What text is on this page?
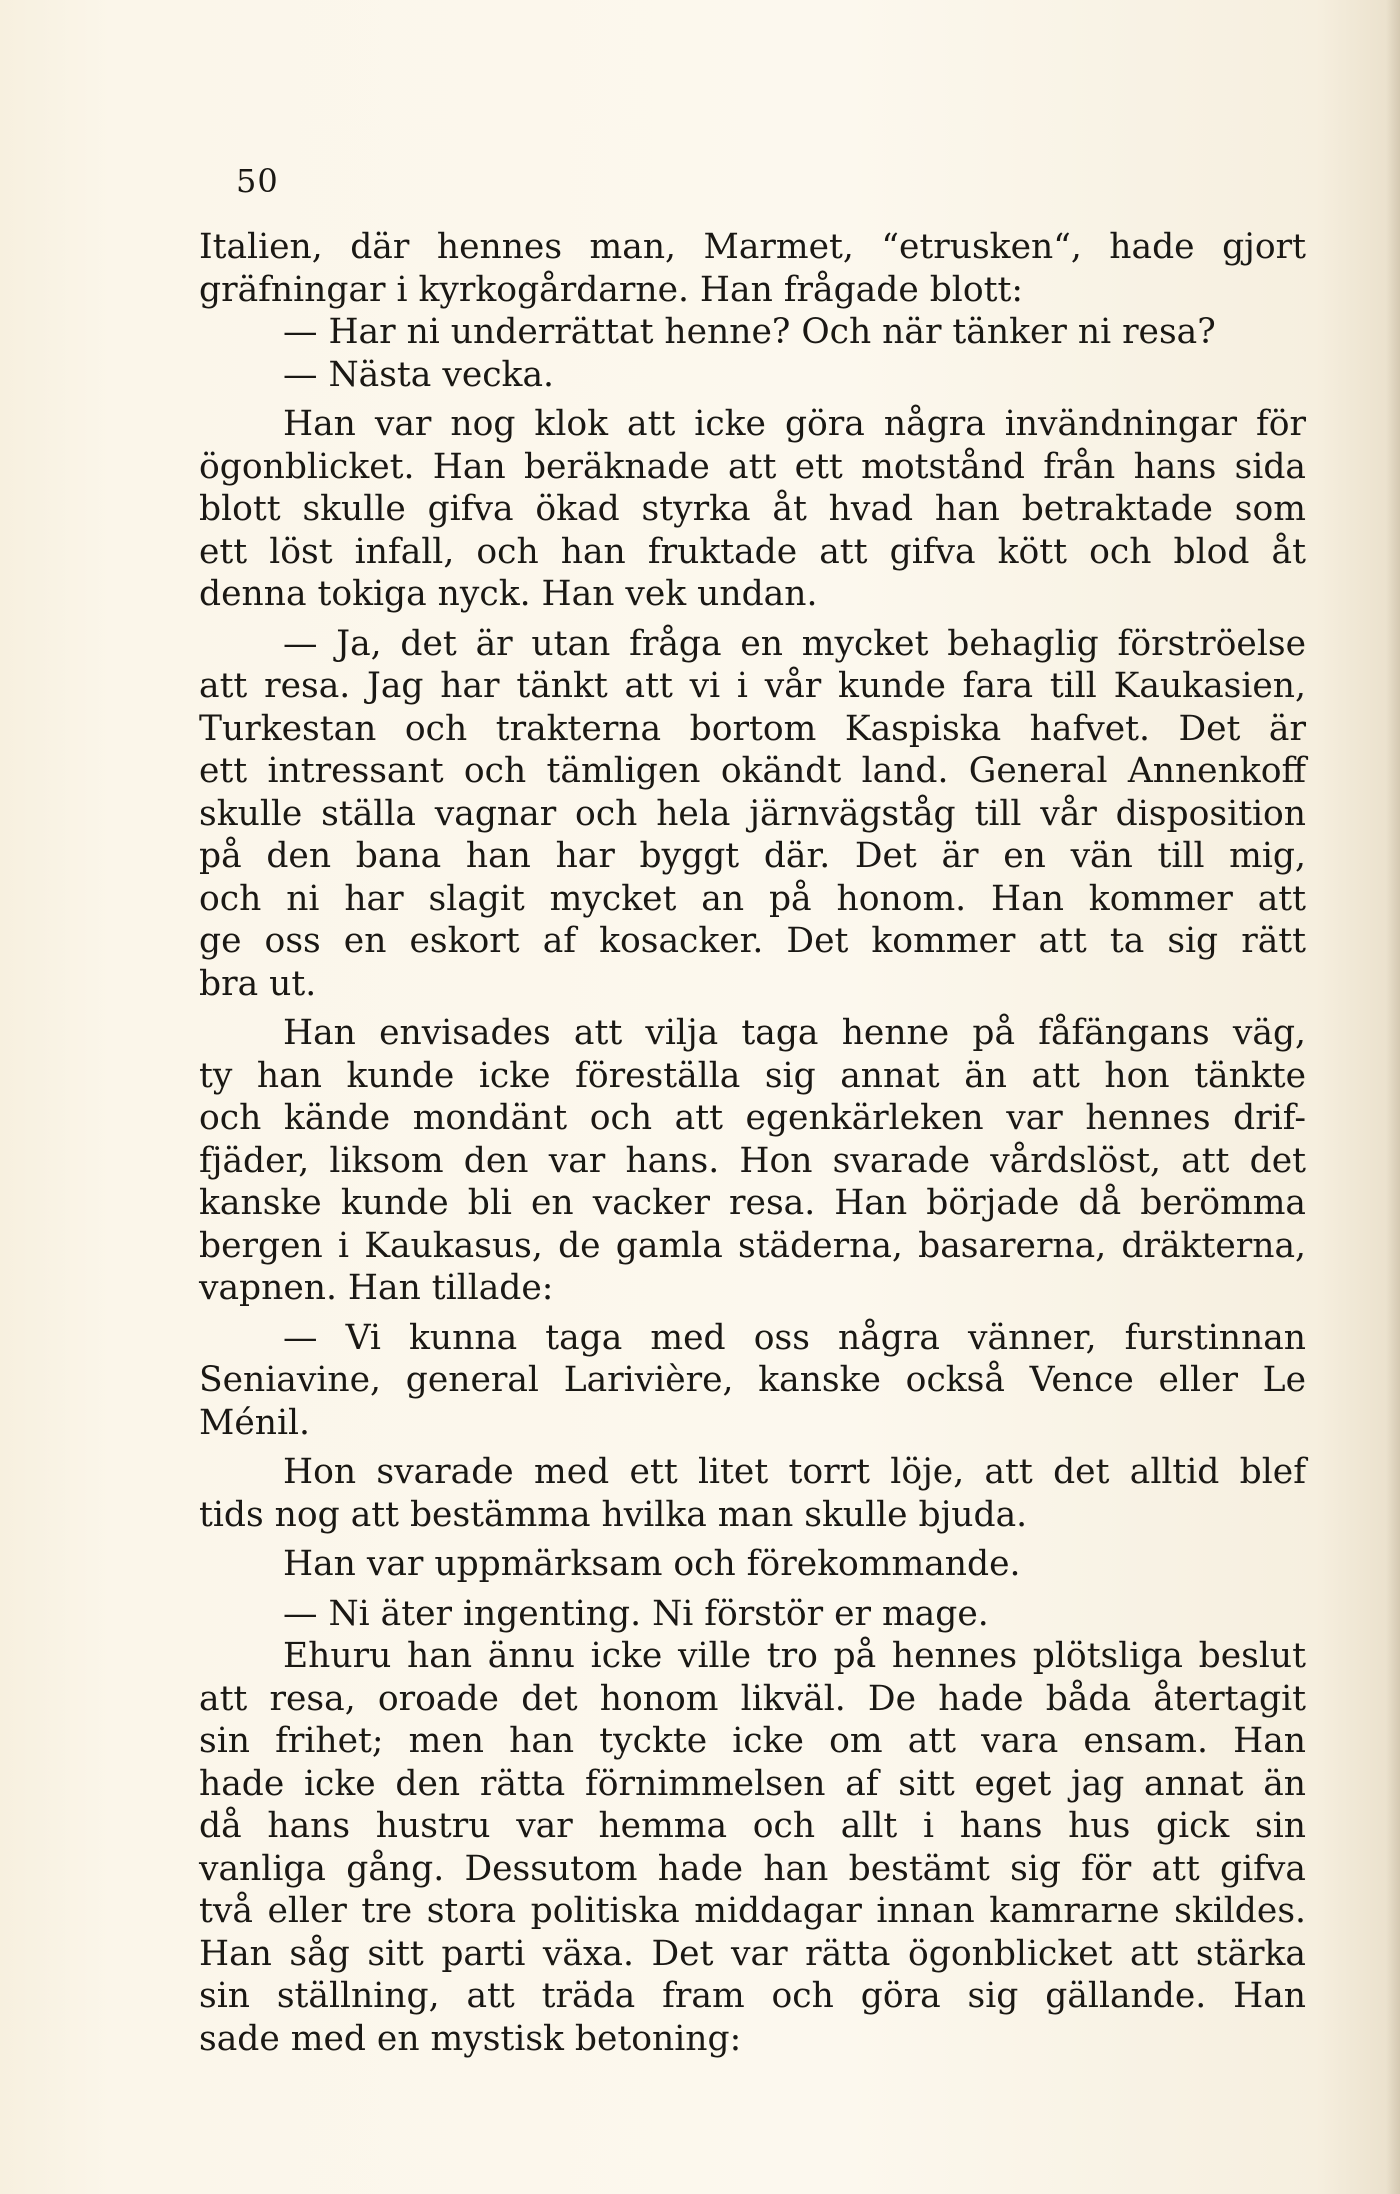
50
Italien, där hennes man, Marmet, “etrusken“, hade gjort
gräfningar i kyrkogårdarne. Han frågade blott:
— Har ni underrättat henne? Och när tänker ni resa?
— Nästa vecka.
Han var nog klok att icke göra några invändningar för
ögonblicket. Han beräknade att ett motstånd från hans sida
blott skulle gifva ökad styrka åt hvad han betraktade som
ett löst infall, och han fruktade att gifva kött och blod åt
denna tokiga nyck. Han vek undan.
— Ja, det är utan fråga en mycket behaglig förströelse
att resa. Jag har tänkt att vi i vår kunde fara till Kaukasien,
Turkestan och trakterna bortom Kaspiska hafvet. Det är
ett intressant och tämligen okändt land. General Annenkoff
skulle ställa vagnar och hela järnvägståg till vår disposition
på den bana han har byggt där. Det är en vän till mig,
och ni har slagit mycket an på honom. Han kommer att
ge oss en eskort af kosacker. Det kommer att ta sig rätt
bra ut.
Han envisades att vilja taga henne på fåfängans väg,
ty han kunde icke föreställa sig annat än att hon tänkte
och kände mondänt och att egenkärleken var hennes drif-
fjäder, liksom den var hans. Hon svarade vårdslöst, att det
kanske kunde bli en vacker resa. Han började då berömma
bergen i Kaukasus, de gamla städerna, basarerna, dräkterna,
vapnen. Han tillade:
— Vi kunna taga med oss några vänner, furstinnan
Seniavine, general Larivière, kanske också Vence eller Le
Ménil.
Hon svarade med ett litet torrt löje, att det alltid blef
tids nog att bestämma hvilka man skulle bjuda.
Han var uppmärksam och förekommande.
— Ni äter ingenting. Ni förstör er mage.
Ehuru han ännu icke ville tro på hennes plötsliga beslut
att resa, oroade det honom likväl. De hade båda återtagit
sin frihet; men han tyckte icke om att vara ensam. Han
hade icke den rätta förnimmelsen af sitt eget jag annat än
då hans hustru var hemma och allt i hans hus gick sin
vanliga gång. Dessutom hade han bestämt sig för att gifva
två eller tre stora politiska middagar innan kamrarne skildes.
Han såg sitt parti växa. Det var rätta ögonblicket att stärka
sin ställning, att träda fram och göra sig gällande. Han
sade med en mystisk betoning:
